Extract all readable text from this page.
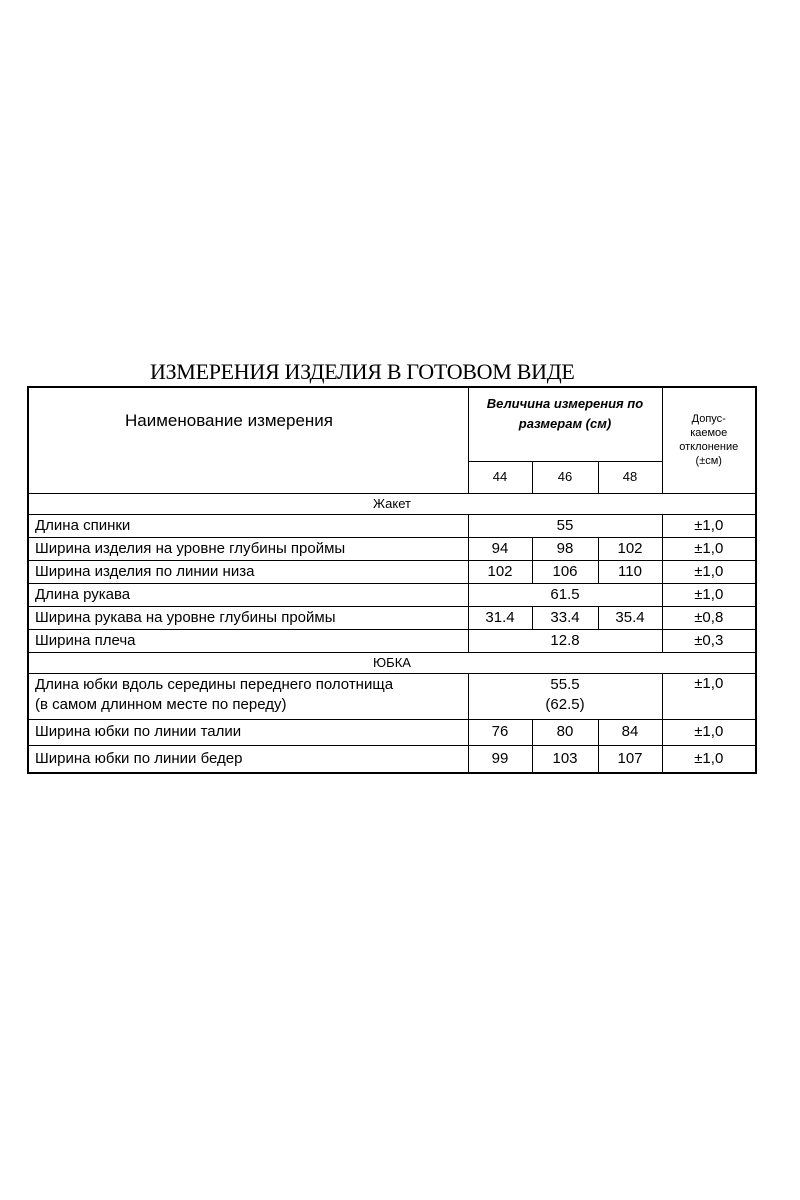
ИЗМЕРЕНИЯ ИЗДЕЛИЯ В ГОТОВОМ ВИДЕ
Наименование измерения	Величина измерения по размерам (см)			Допус-
каемое
отклонение
(±см)

	44	46	48	
Жакет				
Длина спинки	55			±1,0
Ширина изделия на уровне глубины проймы	94	98	102	±1,0
Ширина изделия по линии низа	102	106	110	±1,0
Длина рукава	61.5			±1,0
Ширина рукава на уровне глубины проймы	31.4	33.4	35.4	±0,8
Ширина плеча	12.8			±0,3
ЮБКА				

Длина юбки вдоль середины переднего полотнища
(в самом длинном месте по переду)	55.5
(62.5)			±1,0
Ширина юбки по линии талии	76	80	84	±1,0
Ширина юбки по линии бедер	99	103	107	±1,0
